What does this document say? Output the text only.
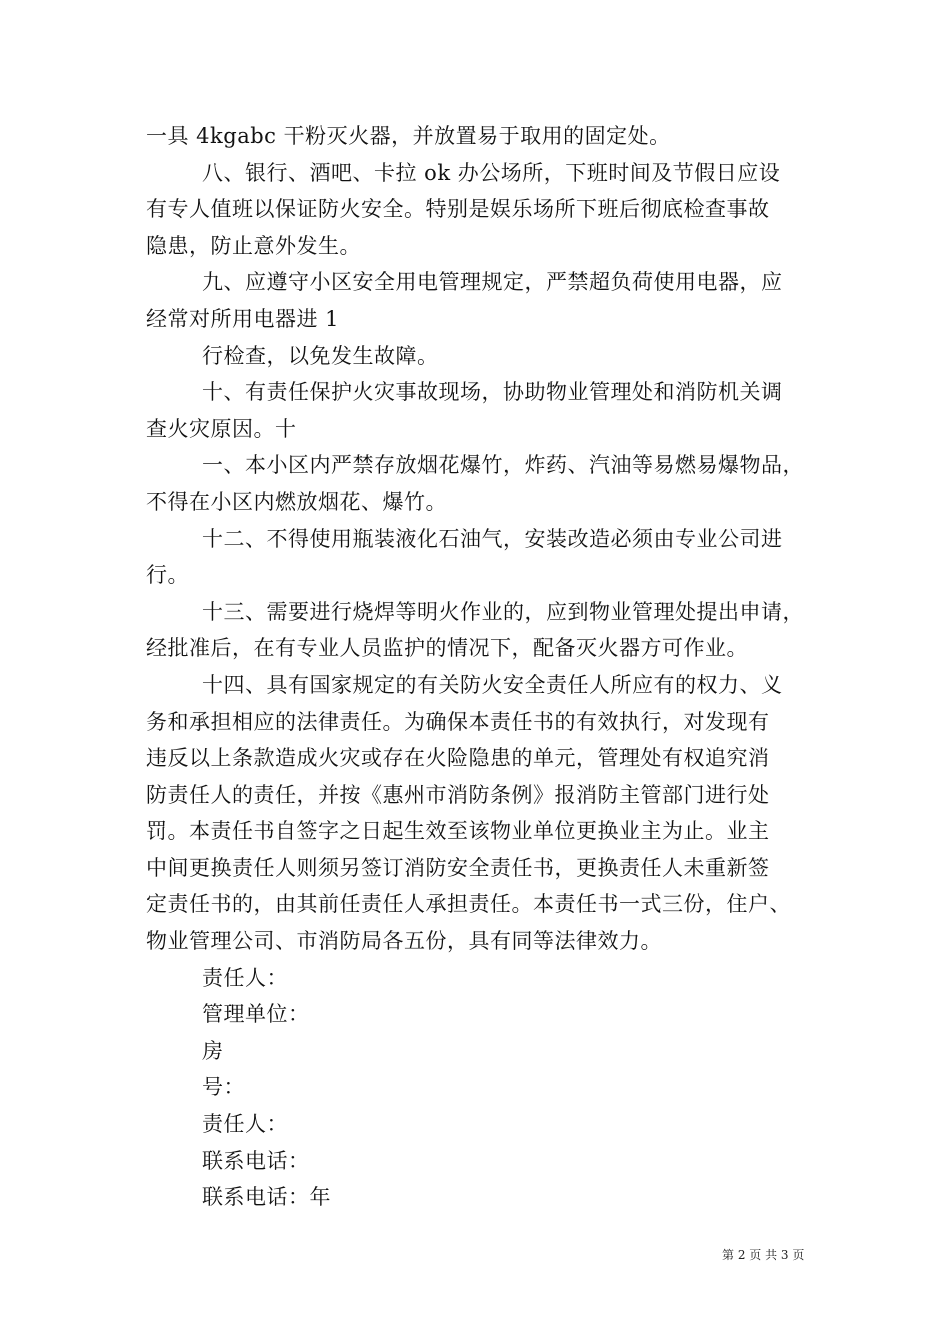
一具 4kgabc 干粉灭火器，并放置易于取用的固定处。

八、银行、酒吧、卡拉 ok 办公场所，下班时间及节假日应设

有专人值班以保证防火安全。特别是娱乐场所下班后彻底检查事故

隐患，防止意外发生。

九、应遵守小区安全用电管理规定，严禁超负荷使用电器，应

经常对所用电器进 1

行检查，以免发生故障。

十、有责任保护火灾事故现场，协助物业管理处和消防机关调

查火灾原因。十

一、本小区内严禁存放烟花爆竹，炸药、汽油等易燃易爆物品，

不得在小区内燃放烟花、爆竹。

十二、不得使用瓶装液化石油气，安装改造必须由专业公司进

行。

十三、需要进行烧焊等明火作业的，应到物业管理处提出申请，

经批准后，在有专业人员监护的情况下，配备灭火器方可作业。

十四、具有国家规定的有关防火安全责任人所应有的权力、义

务和承担相应的法律责任。为确保本责任书的有效执行，对发现有

违反以上条款造成火灾或存在火险隐患的单元，管理处有权追究消

防责任人的责任，并按《惠州市消防条例》报消防主管部门进行处

罚。本责任书自签字之日起生效至该物业单位更换业主为止。业主

中间更换责任人则须另签订消防安全责任书，更换责任人未重新签

定责任书的，由其前任责任人承担责任。本责任书一式三份，住户、

物业管理公司、市消防局各五份，具有同等法律效力。

责任人：

管理单位：

房

号：

责任人：

联系电话：

联系电话：年

第 2 页 共 3 页
